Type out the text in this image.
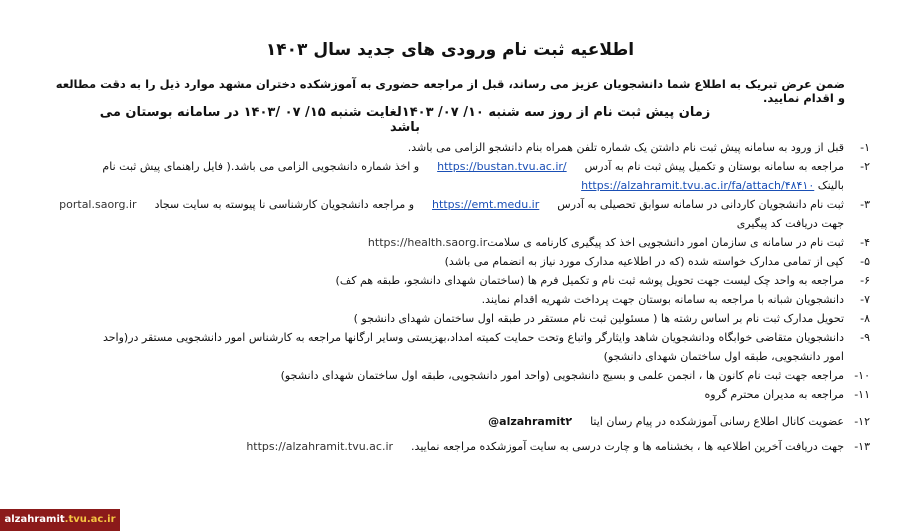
اطلاعیه ثبت نام ورودی های جدید سال ۱۴۰۳
ضمن عرض تبریک به اطلاع شما دانشجویان عزیز می رساند، قبل از مراجعه حضوری به آموزشکده دختران مشهد موارد ذیل را به دقت مطالعه و اقدام نمایید.
زمان پیش ثبت نام از روز سه شنبه ۱۰/ ۰۷/ ۱۴۰۳لغایت شنبه ۱۵/ ۰۷ /۱۴۰۳ در سامانه بوستان می باشد
۱-قبل از ورود به سامانه پیش ثبت نام داشتن یک شماره تلفن همراه بنام دانشجو الزامی می باشد.
۲-مراجعه به سامانه بوستان و تکمیل پیش ثبت نام به آدرسhttps://bustan.tvu.ac.ir/و اخذ شماره دانشجویی الزامی می باشد.( فایل راهنمای پیش ثبت نام
بالینک https://alzahramit.tvu.ac.ir/fa/attach/۴۸۴۱۰
۳-ثبت نام دانشجویان کاردانی در سامانه سوابق تحصیلی به آدرسhttps://emt.medu.irو مراجعه دانشجویان کارشناسی نا پیوسته به سایت سجادportal.saorg.ir
جهت دریافت کد پیگیری
۴-ثبت نام در سامانه ی سازمان امور دانشجویی اخذ کد پیگیری کارنامه ی سلامتhttps://health.saorg.ir
۵-کپی از تمامی مدارک خواسته شده (که در اطلاعیه مدارک مورد نیاز به انضمام می باشد)
۶-مراجعه به واحد چک لیست جهت تحویل پوشه ثبت نام و تکمیل فرم ها (ساختمان شهدای دانشجو، طبقه هم کف)
۷-دانشجویان شبانه با مراجعه به سامانه بوستان جهت پرداخت شهریه اقدام نمایند.
۸-تحویل مدارک ثبت نام بر اساس رشته ها ( مسئولین ثبت نام مستقر در طبقه اول ساختمان شهدای دانشجو )
۹-دانشجویان متقاضی خوابگاه ودانشجویان شاهد وایثارگر واتباع وتحت حمایت کمیته امداد،بهزیستی وسایر ارگانها مراجعه به کارشناس امور دانشجویی مستقر در(واحد
امور دانشجویی، طبقه اول ساختمان شهدای دانشجو)
۱۰-مراجعه جهت ثبت نام کانون ها ، انجمن علمی و بسیج دانشجویی (واحد امور دانشجویی، طبقه اول ساختمان شهدای دانشجو)
۱۱-مراجعه به مدیران محترم گروه
۱۲-عضویت کانال اطلاع رسانی آموزشکده در پیام رسان ایتا@alzahramit۲
۱۳-جهت دریافت آخرین اطلاعیه ها ، بخشنامه ها و چارت درسی به سایت آموزشکده مراجعه نمایید.https://alzahramit.tvu.ac.ir
alzahramit.tvu.ac.ir
